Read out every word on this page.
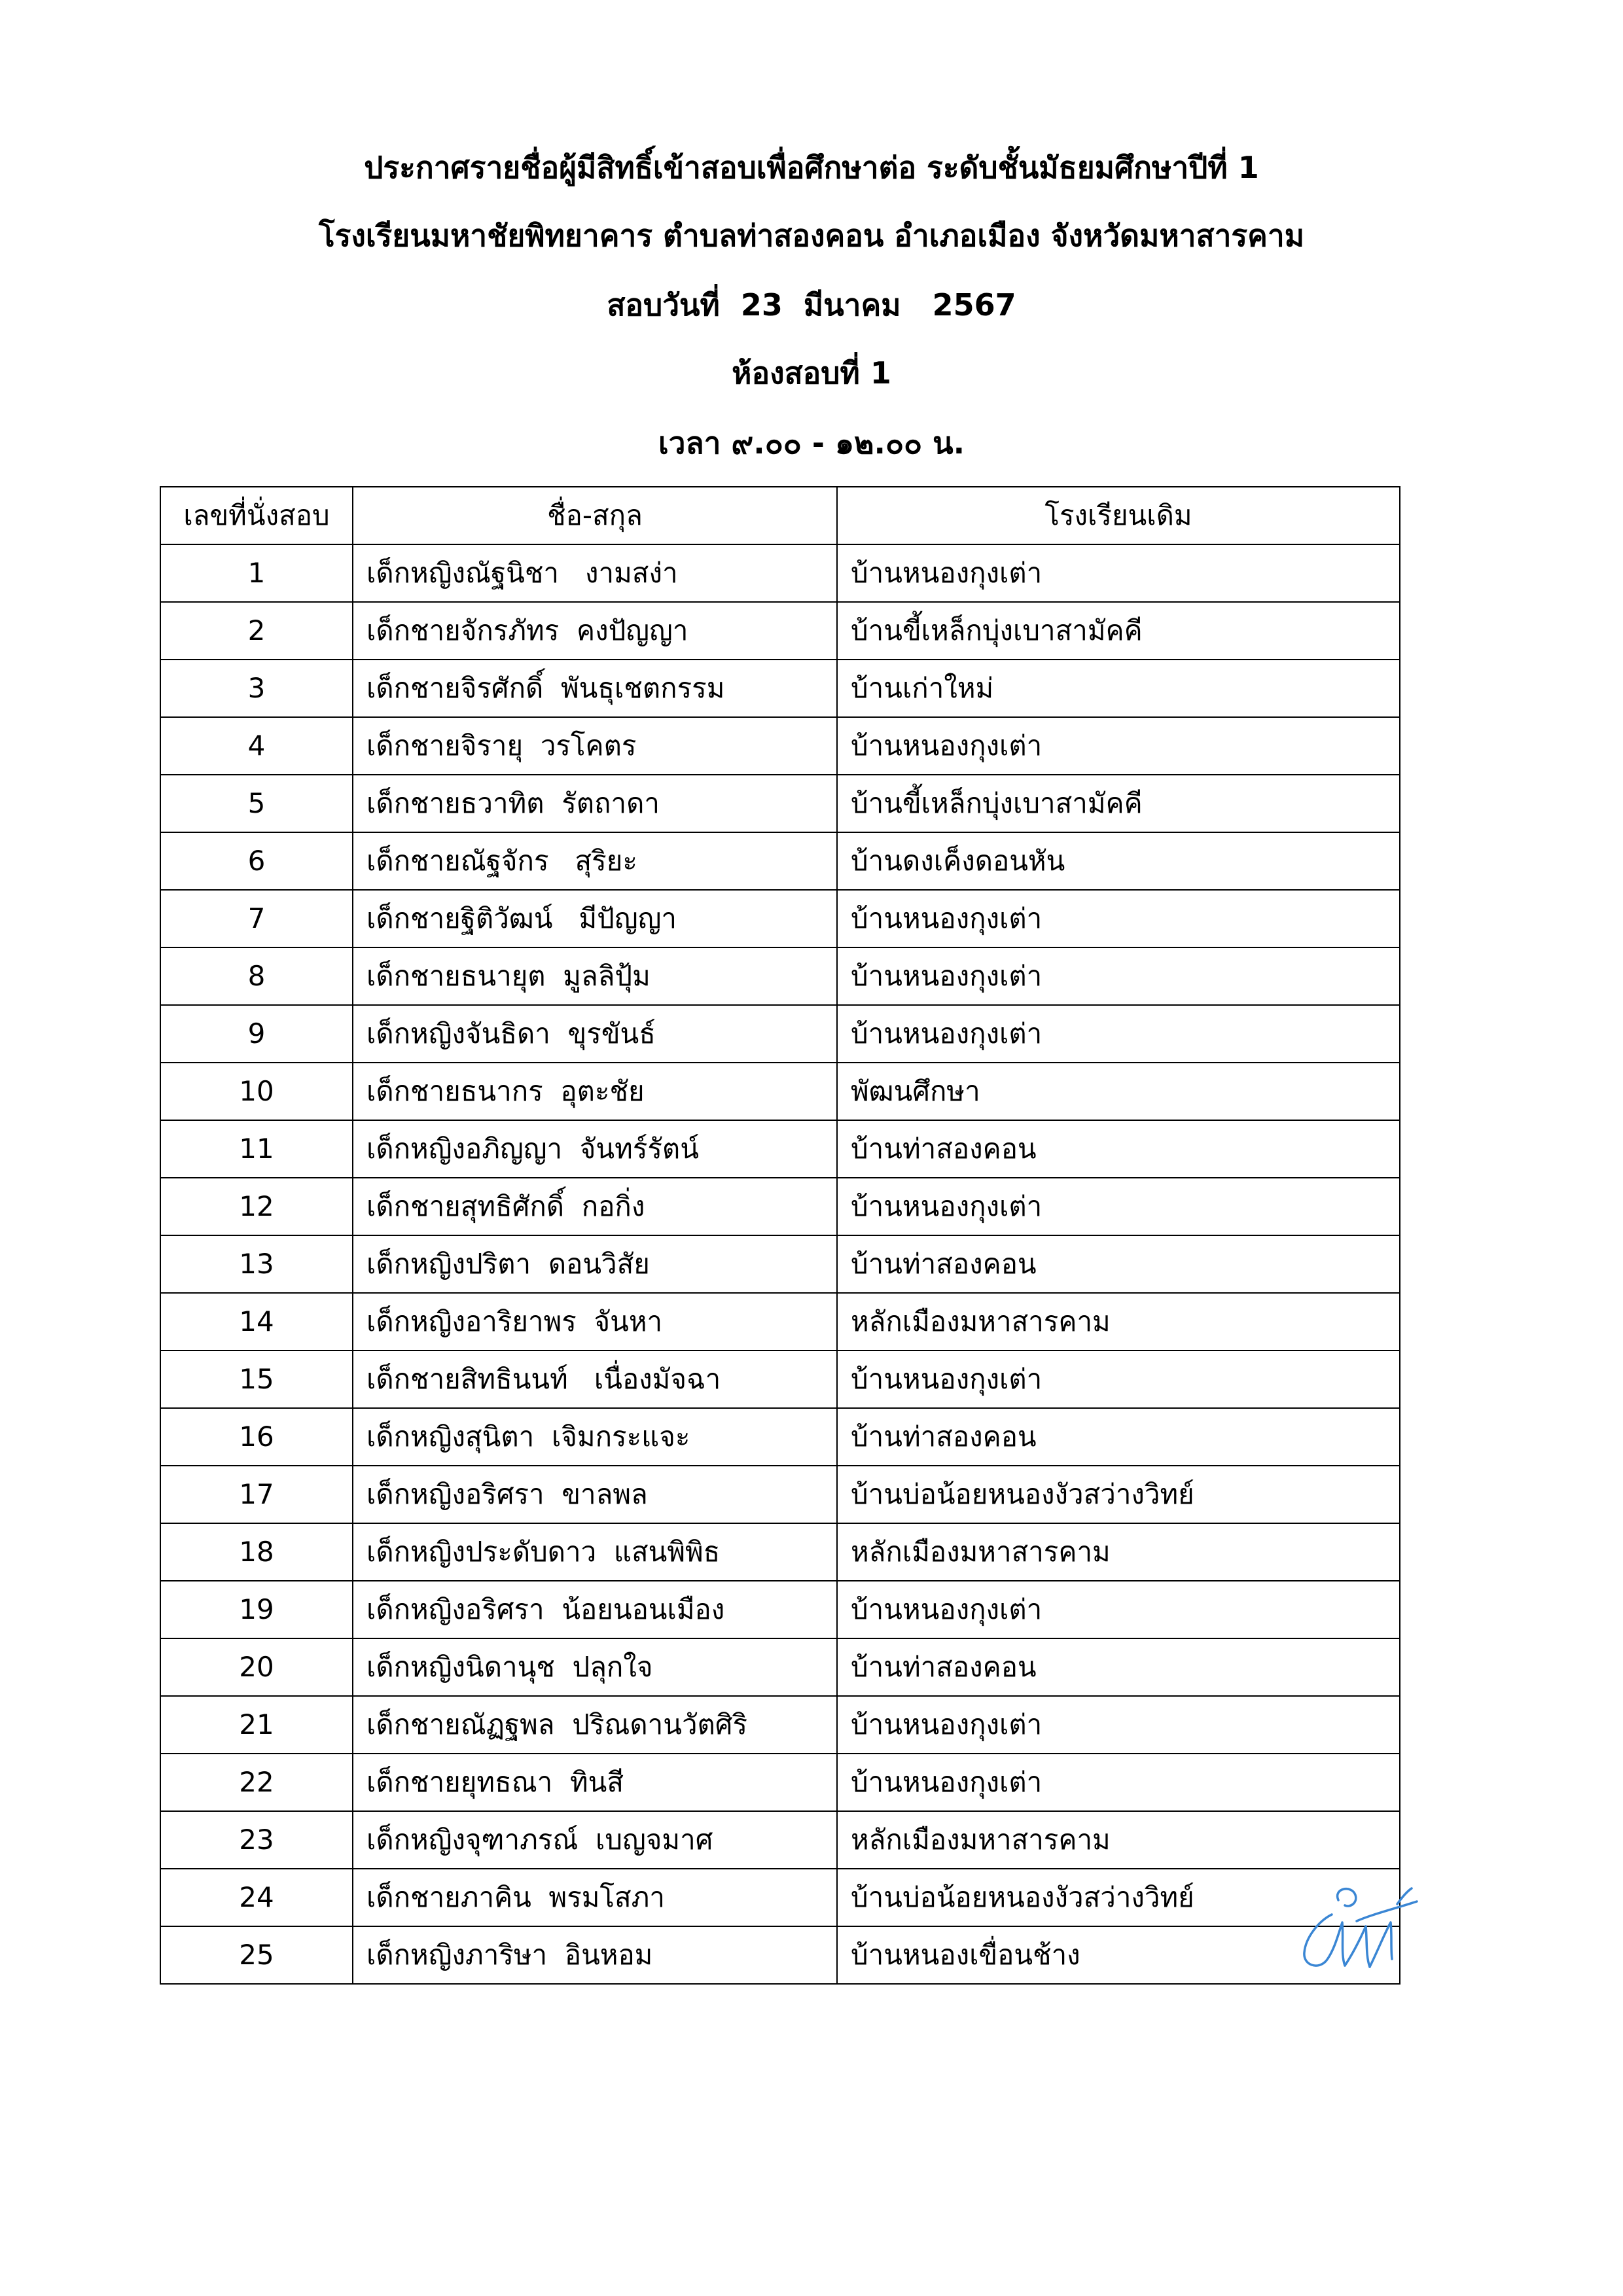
ประกาศรายชื่อผู้มีสิทธิ์เข้าสอบเพื่อศึกษาต่อ ระดับชั้นมัธยมศึกษาปีที่ 1
โรงเรียนมหาชัยพิทยาคาร ตำบลท่าสองคอน อำเภอเมือง จังหวัดมหาสารคาม
สอบวันที่  23  มีนาคม   2567
ห้องสอบที่ 1
เวลา ๙.๐๐ - ๑๒.๐๐ น.
เลขที่นั่งสอบ	ชื่อ-สกุล	โรงเรียนเดิม
1	เด็กหญิงณัฐนิชา   งามสง่า	บ้านหนองกุงเต่า
2	เด็กชายจักรภัทร  คงปัญญา	บ้านขี้เหล็กบุ่งเบาสามัคคี
3	เด็กชายจิรศักดิ์  พันธุเชตกรรม	บ้านเก่าใหม่
4	เด็กชายจิรายุ  วรโคตร	บ้านหนองกุงเต่า
5	เด็กชายธวาทิต  รัตถาดา	บ้านขี้เหล็กบุ่งเบาสามัคคี
6	เด็กชายณัฐจักร   สุริยะ	บ้านดงเค็งดอนหัน
7	เด็กชายฐิติวัฒน์   มีปัญญา	บ้านหนองกุงเต่า
8	เด็กชายธนายุต  มูลลิปุ้ม	บ้านหนองกุงเต่า
9	เด็กหญิงจันธิดา  ขุรขันธ์	บ้านหนองกุงเต่า
10	เด็กชายธนากร  อุตะชัย	พัฒนศึกษา
11	เด็กหญิงอภิญญา  จันทร์รัตน์	บ้านท่าสองคอน
12	เด็กชายสุทธิศักดิ์  กอกิ่ง	บ้านหนองกุงเต่า
13	เด็กหญิงปริตา  ดอนวิสัย	บ้านท่าสองคอน
14	เด็กหญิงอาริยาพร  จันหา	หลักเมืองมหาสารคาม
15	เด็กชายสิทธินนท์   เนื่องมัจฉา	บ้านหนองกุงเต่า
16	เด็กหญิงสุนิตา  เจิมกระแจะ	บ้านท่าสองคอน
17	เด็กหญิงอริศรา  ขาลพล	บ้านบ่อน้อยหนองงัวสว่างวิทย์
18	เด็กหญิงประดับดาว  แสนพิพิธ	หลักเมืองมหาสารคาม
19	เด็กหญิงอริศรา  น้อยนอนเมือง	บ้านหนองกุงเต่า
20	เด็กหญิงนิดานุช  ปลุกใจ	บ้านท่าสองคอน
21	เด็กชายณัฏฐพล  ปริณดานวัตศิริ	บ้านหนองกุงเต่า
22	เด็กชายยุทธณา  ทินสี	บ้านหนองกุงเต่า
23	เด็กหญิงจุฑาภรณ์  เบญจมาศ	หลักเมืองมหาสารคาม
24	เด็กชายภาคิน  พรมโสภา	บ้านบ่อน้อยหนองงัวสว่างวิทย์
25	เด็กหญิงภาริษา  อินหอม	บ้านหนองเขื่อนช้าง
